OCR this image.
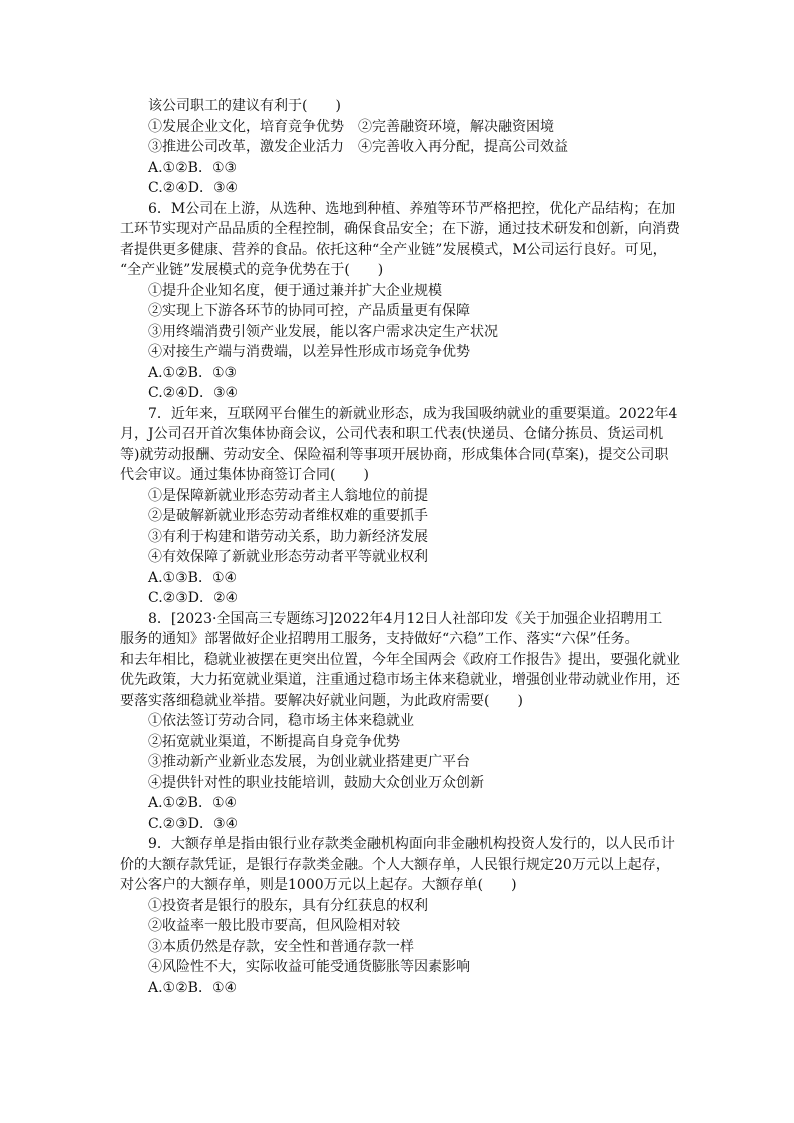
该公司职工的建议有利于(　　)
①发展企业文化，培育竞争优势　②完善融资环境，解决融资困境
③推进公司改革，激发企业活力　④完善收入再分配，提高公司效益
A.①②B．①③
C.②④D．③④
6．M公司在上游，从选种、选地到种植、养殖等环节严格把控，优化产品结构；在加
工环节实现对产品品质的全程控制，确保食品安全；在下游，通过技术研发和创新，向消费
者提供更多健康、营养的食品。依托这种“全产业链”发展模式，M公司运行良好。可见，
“全产业链”发展模式的竞争优势在于(　　)
①提升企业知名度，便于通过兼并扩大企业规模
②实现上下游各环节的协同可控，产品质量更有保障
③用终端消费引领产业发展，能以客户需求决定生产状况
④对接生产端与消费端，以差异性形成市场竞争优势
A.①②B．①③
C.②④D．③④
7．近年来，互联网平台催生的新就业形态，成为我国吸纳就业的重要渠道。2022年4
月，J公司召开首次集体协商会议，公司代表和职工代表(快递员、仓储分拣员、货运司机
等)就劳动报酬、劳动安全、保险福利等事项开展协商，形成集体合同(草案)，提交公司职
代会审议。通过集体协商签订合同(　　)
①是保障新就业形态劳动者主人翁地位的前提
②是破解新就业形态劳动者维权难的重要抓手
③有利于构建和谐劳动关系，助力新经济发展
④有效保障了新就业形态劳动者平等就业权利
A.①③B．①④
C.②③D．②④
8．[2023·全国高三专题练习]2022年4月12日人社部印发《关于加强企业招聘用工
服务的通知》部署做好企业招聘用工服务，支持做好“六稳”工作、落实“六保”任务。
和去年相比，稳就业被摆在更突出位置，今年全国两会《政府工作报告》提出，要强化就业
优先政策，大力拓宽就业渠道，注重通过稳市场主体来稳就业，增强创业带动就业作用，还
要落实落细稳就业举措。要解决好就业问题，为此政府需要(　　)
①依法签订劳动合同，稳市场主体来稳就业
②拓宽就业渠道，不断提高自身竞争优势
③推动新产业新业态发展，为创业就业搭建更广平台
④提供针对性的职业技能培训，鼓励大众创业万众创新
A.①②B．①④
C.②③D．③④
9．大额存单是指由银行业存款类金融机构面向非金融机构投资人发行的，以人民币计
价的大额存款凭证，是银行存款类金融。个人大额存单，人民银行规定20万元以上起存，
对公客户的大额存单，则是1000万元以上起存。大额存单(　　)
①投资者是银行的股东，具有分红获息的权利
②收益率一般比股市要高，但风险相对较
③本质仍然是存款，安全性和普通存款一样
④风险性不大，实际收益可能受通货膨胀等因素影响
A.①②B．①④
